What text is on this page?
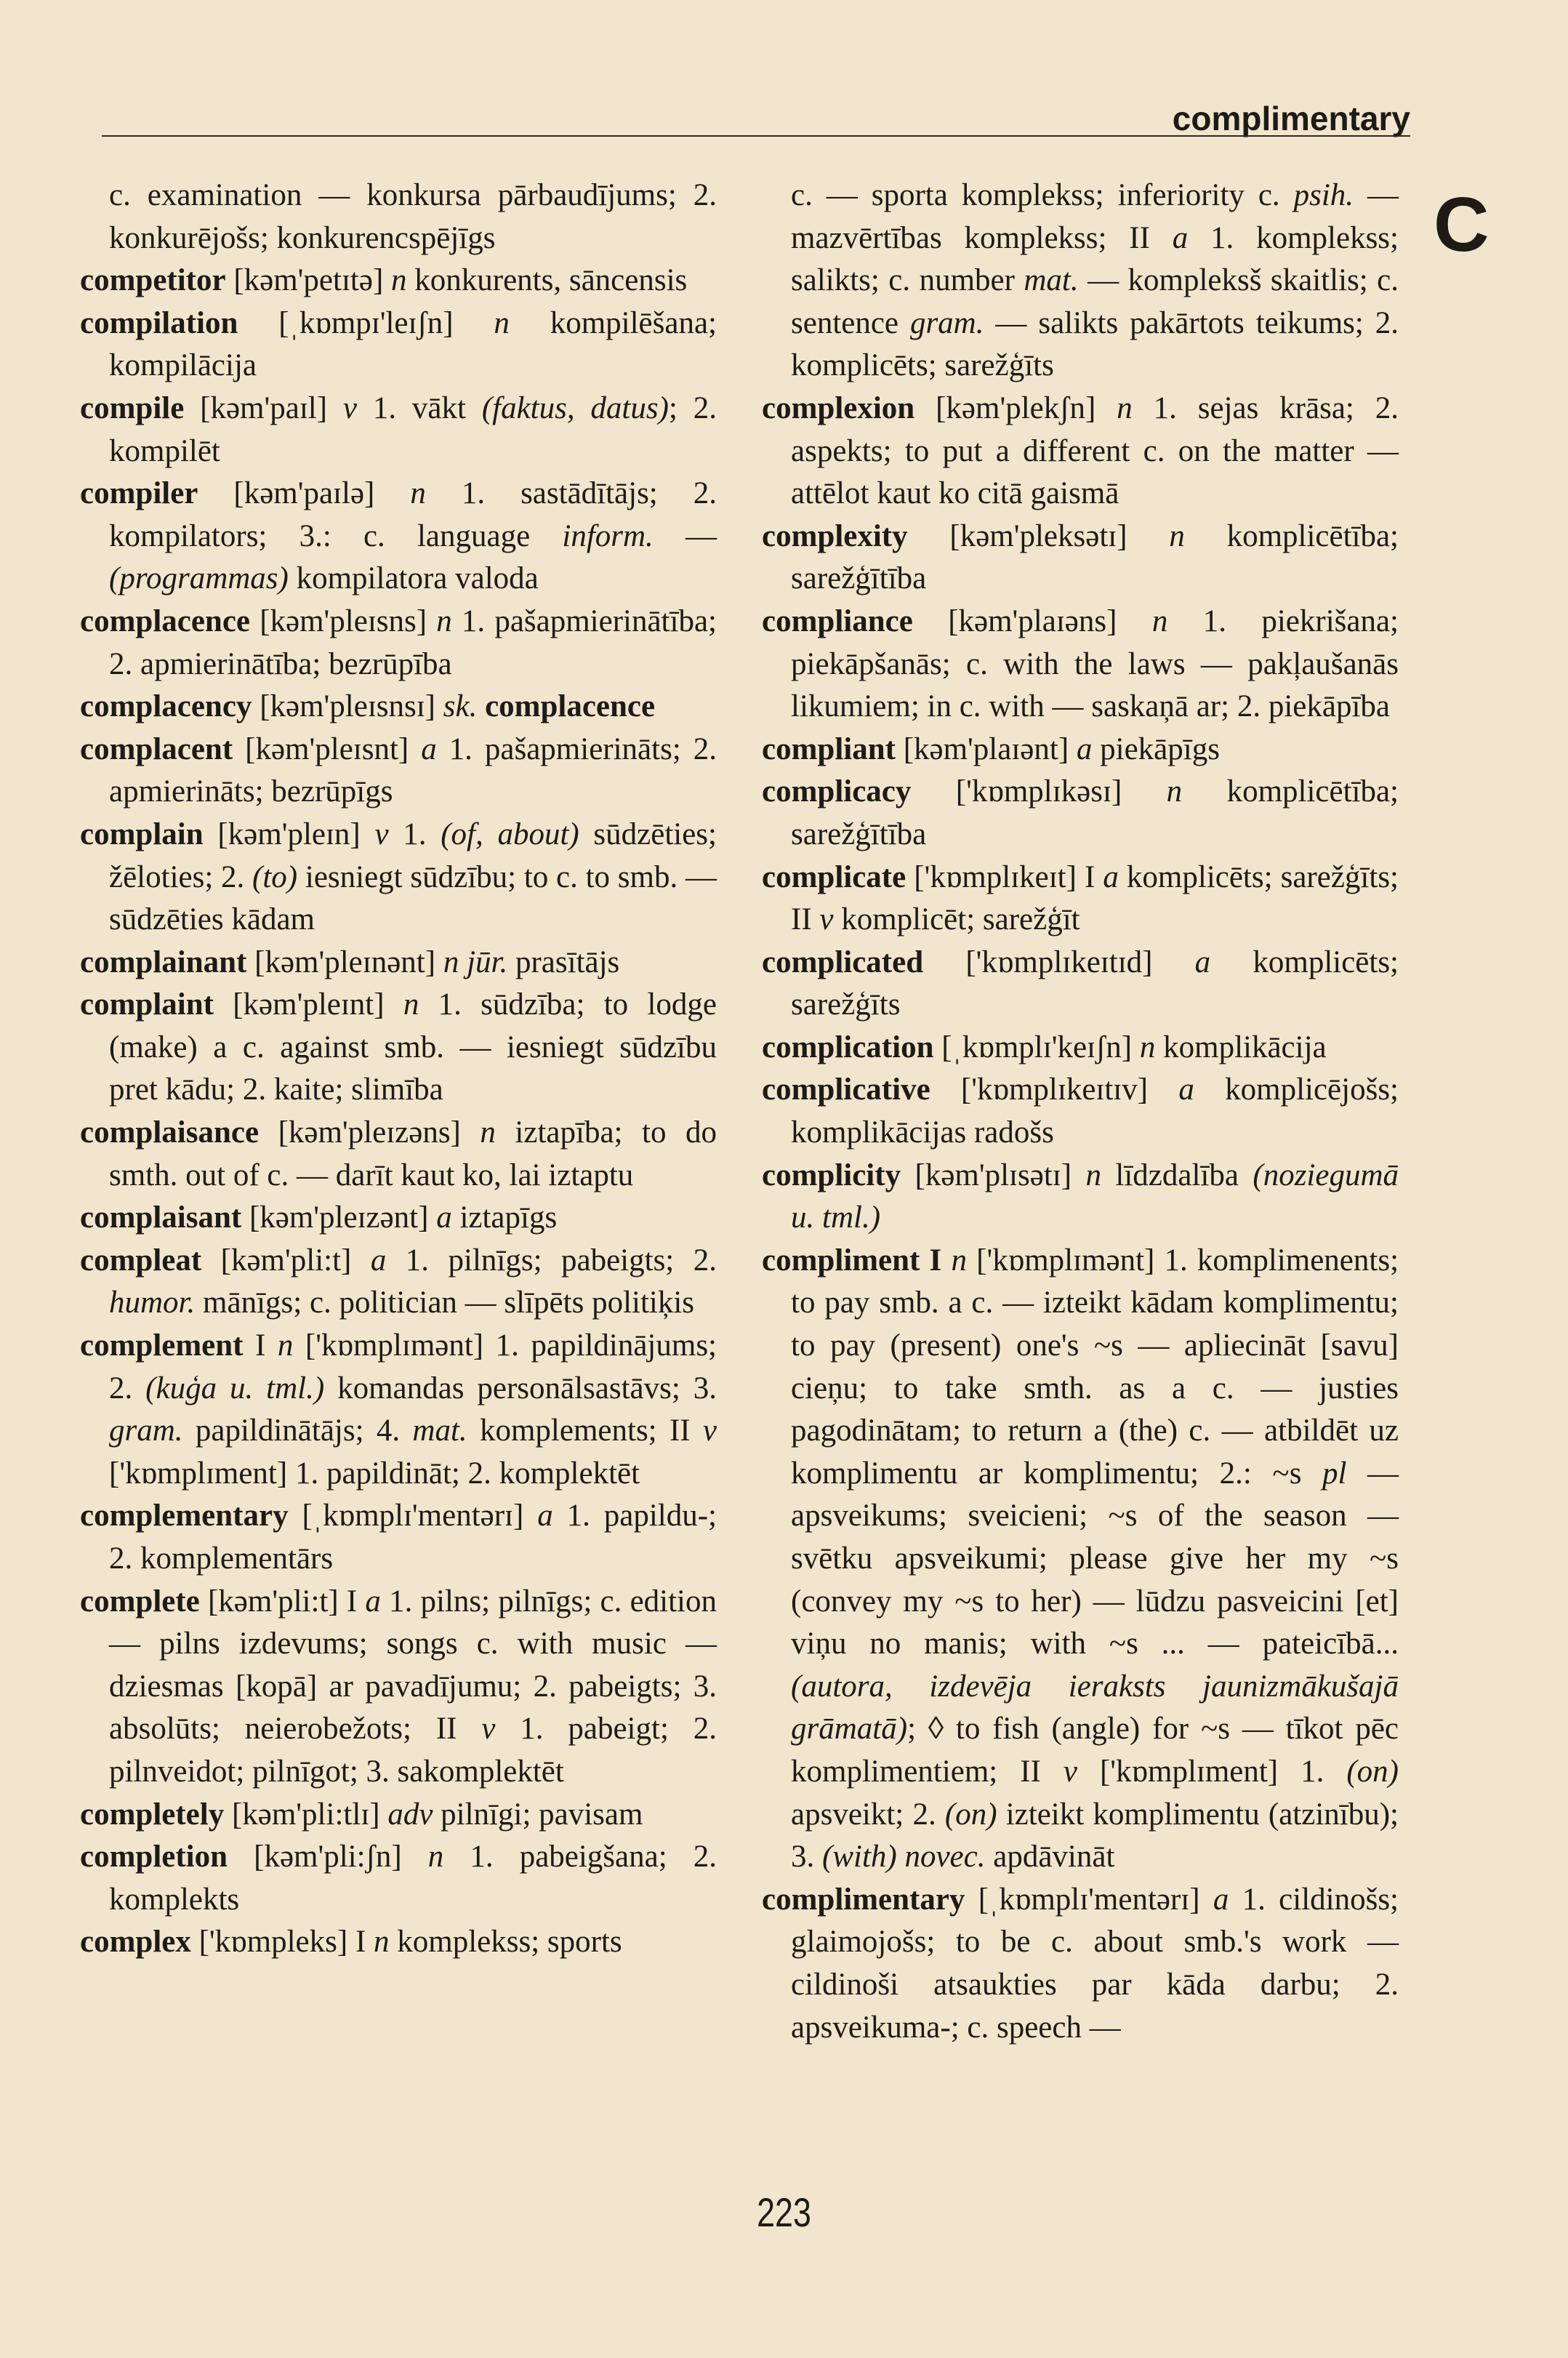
complimentary
C

c. examination — konkursa pārbaudījums; 2. konkurējošs; konkurencspējīgs

competitor [kəm'petɪtə] n konkurents, sāncensis

compilation [ˌkɒmpɪ'leɪʃn] n kompilēšana; kompilācija

compile [kəm'paɪl] v 1. vākt (faktus, datus); 2. kompilēt

compiler [kəm'paɪlə] n 1. sastādītājs; 2. kompilators; 3.: c. language inform. — (programmas) kompilatora valoda

complacence [kəm'pleɪsns] n 1. pašapmierinātība; 2. apmierinātība; bezrūpība

complacency [kəm'pleɪsnsɪ] sk. complacence

complacent [kəm'pleɪsnt] a 1. pašapmierināts; 2. apmierināts; bezrūpīgs

complain [kəm'pleɪn] v 1. (of, about) sūdzēties; žēloties; 2. (to) iesniegt sūdzību; to c. to smb. — sūdzēties kādam

complainant [kəm'pleɪnənt] n jūr. prasītājs

complaint [kəm'pleɪnt] n 1. sūdzība; to lodge (make) a c. against smb. — iesniegt sūdzību pret kādu; 2. kaite; slimība

complaisance [kəm'pleɪzəns] n iztapība; to do smth. out of c. — darīt kaut ko, lai iztaptu

complaisant [kəm'pleɪzənt] a iztapīgs

compleat [kəm'pli:t] a 1. pilnīgs; pabeigts; 2. humor. mānīgs; c. politician — slīpēts politiķis

complement I n ['kɒmplɪmənt] 1. papildinājums; 2. (kuģa u. tml.) komandas personālsastāvs; 3. gram. papildinātājs; 4. mat. komplements; II v ['kɒmplɪment] 1. papildināt; 2. komplektēt

complementary [ˌkɒmplɪ'mentərɪ] a 1. papildu-; 2. komplementārs

complete [kəm'pli:t] I a 1. pilns; pilnīgs; c. edition — pilns izdevums; songs c. with music — dziesmas [kopā] ar pavadījumu; 2. pabeigts; 3. absolūts; neierobežots; II v 1. pabeigt; 2. pilnveidot; pilnīgot; 3. sakomplektēt

completely [kəm'pli:tlɪ] adv pilnīgi; pavisam

completion [kəm'pli:ʃn] n 1. pabeigšana; 2. komplekts

complex ['kɒmpleks] I n komplekss; sports

c. — sporta komplekss; inferiority c. psih. — mazvērtības komplekss; II a 1. komplekss; salikts; c. number mat. — kompleksš skaitlis; c. sentence gram. — salikts pakārtots teikums; 2. komplicēts; sarežģīts

complexion [kəm'plekʃn] n 1. sejas krāsa; 2. aspekts; to put a different c. on the matter — attēlot kaut ko citā gaismā

complexity [kəm'pleksətɪ] n komplicētība; sarežģītība

compliance [kəm'plaɪəns] n 1. piekrišana; piekāpšanās; c. with the laws — pakļaušanās likumiem; in c. with — saskaņā ar; 2. piekāpība

compliant [kəm'plaɪənt] a piekāpīgs

complicacy ['kɒmplɪkəsɪ] n komplicētība; sarežģītība

complicate ['kɒmplɪkeɪt] I a komplicēts; sarežģīts; II v komplicēt; sarežģīt

complicated ['kɒmplɪkeɪtɪd] a komplicēts; sarežģīts

complication [ˌkɒmplɪ'keɪʃn] n komplikācija

complicative ['kɒmplɪkeɪtɪv] a komplicējošs; komplikācijas radošs

complicity [kəm'plɪsətɪ] n līdzdalība (noziegumā u. tml.)

compliment I n ['kɒmplɪmənt] 1. komplimenents; to pay smb. a c. — izteikt kādam komplimentu; to pay (present) one's ~s — apliecināt [savu] cieņu; to take smth. as a c. — justies pagodinātam; to return a (the) c. — atbildēt uz komplimentu ar komplimentu; 2.: ~s pl — apsveikums; sveicieni; ~s of the season — svētku apsveikumi; please give her my ~s (convey my ~s to her) — lūdzu pasveicini [et] viņu no manis; with ~s ... — pateicībā... (autora, izdevēja ieraksts jaunizmākušajā grāmatā); ◊ to fish (angle) for ~s — tīkot pēc komplimentiem; II v ['kɒmplɪment] 1. (on) apsveikt; 2. (on) izteikt komplimentu (atzinību); 3. (with) novec. apdāvināt

complimentary [ˌkɒmplɪ'mentərɪ] a 1. cildinošs; glaimojošs; to be c. about smb.'s work — cildinoši atsaukties par kāda darbu; 2. apsveikuma-; c. speech —

223
